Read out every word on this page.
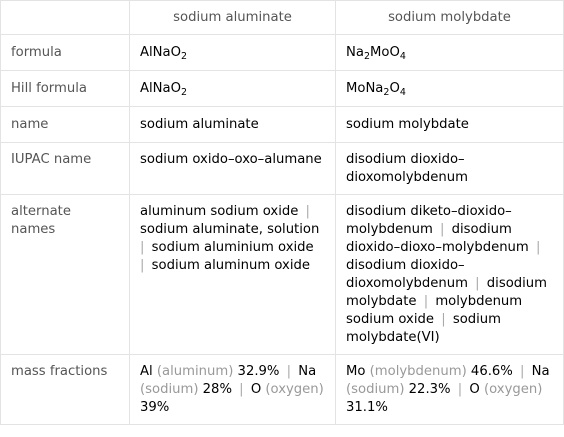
	sodium aluminate	sodium molybdate
formula	AlNaO$_2$	$Na_2MoO_4$
Hill formula	AlNaO$_2$	$MoNa_2O_4$
name	sodium aluminate	sodium molybdate
IUPAC name	sodium oxido–oxo–alumane	disodium dioxido–dioxomolybdenum
alternate names	aluminum sodium oxide | sodium aluminate, solution | sodium aluminium oxide | sodium aluminum oxide	disodium diketo–dioxido–molybdenum | disodium dioxido–dioxo–molybdenum | disodium dioxido–dioxomolybdenum | disodium molybdate | molybdenum sodium oxide | sodium molybdate(VI)
mass fractions	Al (aluminum) 32.9% | Na (sodium) 28% | O (oxygen) 39%	Mo (molybdenum) 46.6% | Na (sodium) 22.3% | O (oxygen) 31.1%
